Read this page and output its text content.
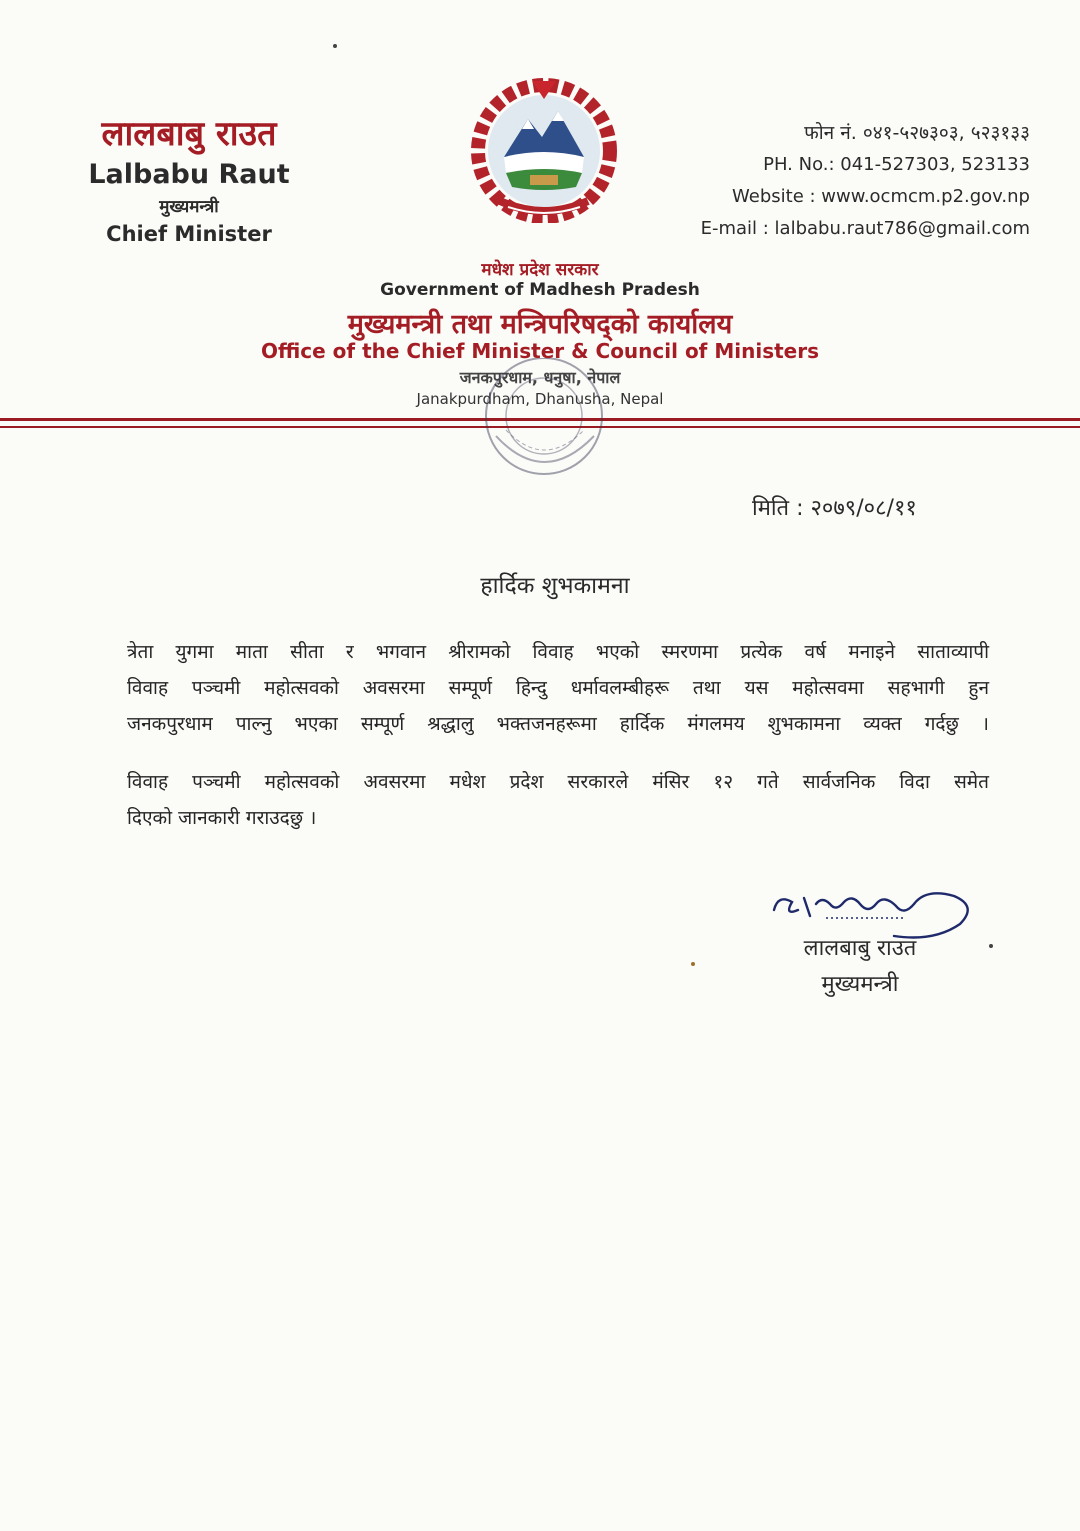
लालबाबु राउत
Lalbabu Raut
मुख्यमन्त्री
Chief Minister
फोन नं. ०४१-५२७३०३, ५२३१३३
PH. No.: 041-527303, 523133
Website : www.ocmcm.p2.gov.np
E-mail : lalbabu.raut786@gmail.com
मधेश प्रदेश सरकार
Government of Madhesh Pradesh
मुख्यमन्त्री तथा मन्त्रिपरिषद्को कार्यालय
Office of the Chief Minister & Council of Ministers
जनकपुरधाम, धनुषा, नेपाल
Janakpurdham, Dhanusha, Nepal
मिति : २०७९/०८/११
हार्दिक शुभकामना
त्रेता युगमा माता सीता र भगवान श्रीरामको विवाह भएको स्मरणमा प्रत्येक वर्ष मनाइने साताव्यापी
विवाह पञ्चमी महोत्सवको अवसरमा सम्पूर्ण हिन्दु धर्मावलम्बीहरू तथा यस महोत्सवमा सहभागी हुन
जनकपुरधाम पाल्नु भएका सम्पूर्ण श्रद्धालु भक्तजनहरूमा हार्दिक मंगलमय शुभकामना व्यक्त गर्दछु ।
विवाह पञ्चमी महोत्सवको अवसरमा मधेश प्रदेश सरकारले मंसिर १२ गते सार्वजनिक विदा समेत
दिएको जानकारी गराउदछु ।
लालबाबु राउत
मुख्यमन्त्री
